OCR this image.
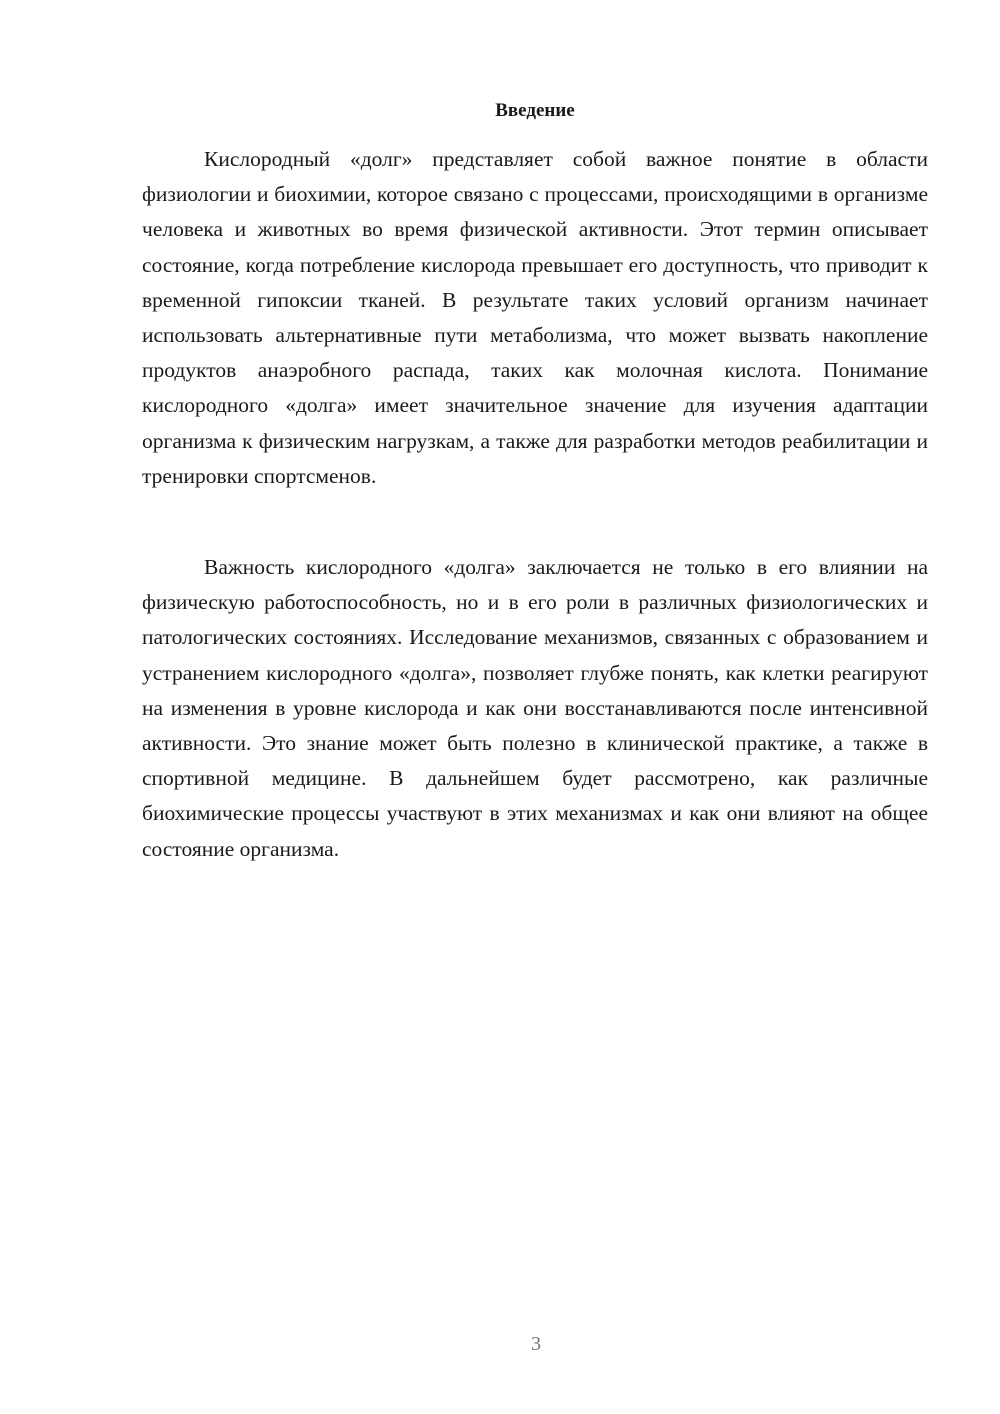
Введение

Кислородный «долг» представляет собой важное понятие в области физиологии и биохимии, которое связано с процессами, происходящими в организме человека и животных во время физической активности. Этот термин описывает состояние, когда потребление кислорода превышает его доступность, что приводит к временной гипоксии тканей. В результате таких условий организм начинает использовать альтернативные пути метаболизма, что может вызвать накопление продуктов анаэробного распада, таких как молочная кислота. Понимание кислородного «долга» имеет значительное значение для изучения адаптации организма к физическим нагрузкам, а также для разработки методов реабилитации и тренировки спортсменов.

Важность кислородного «долга» заключается не только в его влиянии на физическую работоспособность, но и в его роли в различных физиологических и патологических состояниях. Исследование механизмов, связанных с образованием и устранением кислородного «долга», позволяет глубже понять, как клетки реагируют на изменения в уровне кислорода и как они восстанавливаются после интенсивной активности. Это знание может быть полезно в клинической практике, а также в спортивной медицине. В дальнейшем будет рассмотрено, как различные биохимические процессы участвуют в этих механизмах и как они влияют на общее состояние организма.

3
